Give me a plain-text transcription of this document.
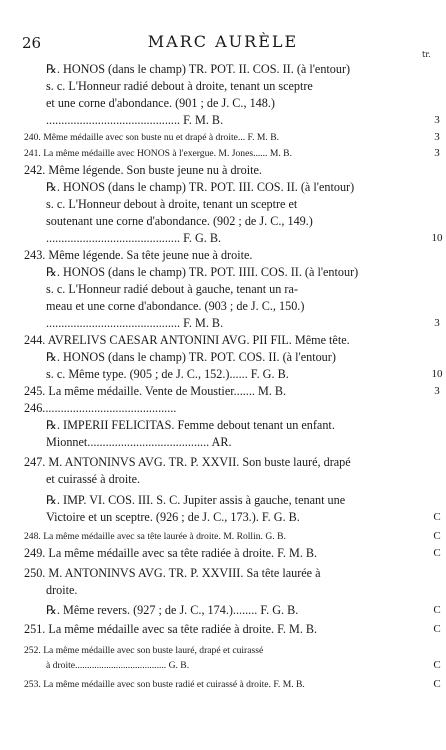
26	MARC AURÈLE
tr.
℞. HONOS (dans le champ) TR. POT. II. COS. II. (à l'entour)
s. c. L'Honneur radié debout à droite, tenant un sceptre
et une corne d'abondance. (901 ; de J. C., 148.)
............................................ F. M. B.	3
240. Même médaille avec son buste nu et drapé à droite... F. M. B.	3
241. La même médaille avec HONOS à l'exergue. M. Jones...... M. B.	3
242. Même légende. Son buste jeune nu à droite.
℞. HONOS (dans le champ) TR. POT. III. COS. II. (à l'entour)
s. c. L'Honneur debout à droite, tenant un sceptre et
soutenant une corne d'abondance. (902 ; de J. C., 149.)
............................................ F. G. B.	10
243. Même légende. Sa tête jeune nue à droite.
℞. HONOS (dans le champ) TR. POT. IIII. COS. II. (à l'entour)
s. c. L'Honneur radié debout à gauche, tenant un ra-
meau et une corne d'abondance. (903 ; de J. C., 150.)
............................................ F. M. B.	3
244. AVRELIVS CAESAR ANTONINI AVG. PII FIL. Même tête.
℞. HONOS (dans le champ) TR. POT. COS. II. (à l'entour)
s. c. Même type. (905 ; de J. C., 152.)...... F. G. B.	10
245. La même médaille. Vente de Moustier....... M. B.	3
246............................................
℞. IMPERII FELICITAS. Femme debout tenant un enfant.
Mionnet........................................ AR.
247. M. ANTONINVS AVG. TR. P. XXVII. Son buste lauré, drapé
et cuirassé à droite.
℞. IMP. VI. COS. III. S. C. Jupiter assis à gauche, tenant une
Victoire et un sceptre. (926 ; de J. C., 173.). F. G. B.	C
248. La même médaille avec sa tête laurée à droite. M. Rollin. G. B.	C
249. La même médaille avec sa tête radiée à droite. F. M. B.	C
250. M. ANTONINVS AVG. TR. P. XXVIII. Sa tête laurée à
droite.
℞. Même revers. (927 ; de J. C., 174.)........ F. G. B.	C
251. La même médaille avec sa tête radiée à droite. F. M. B.	C
252. La même médaille avec son buste lauré, drapé et cuirassé
à droite...................................... G. B.	C
253. La même médaille avec son buste radié et cuirassé à droite. F. M. B.	C
